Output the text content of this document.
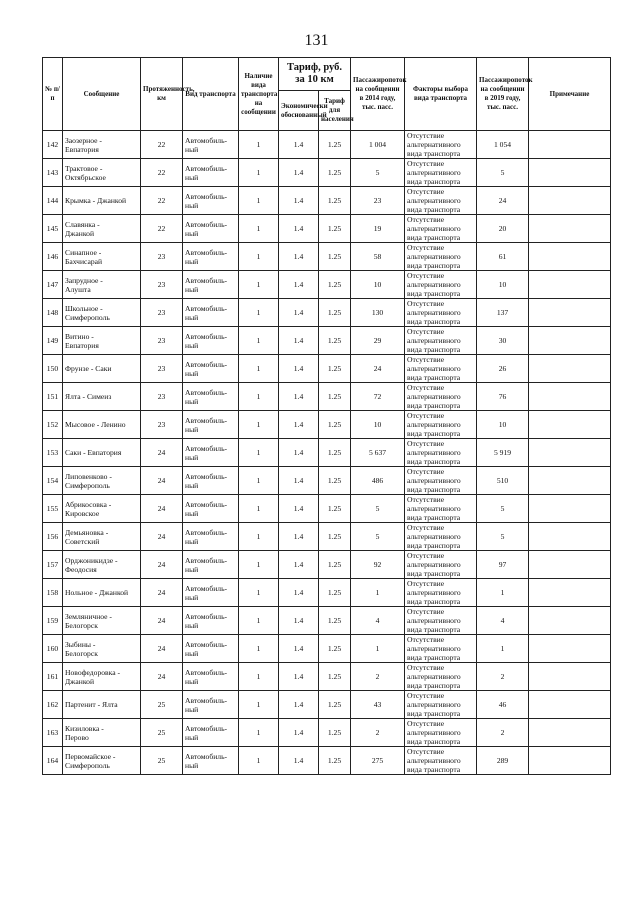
131
№ п/п	Сообщение	Протяженность, км	Вид транспорта	Наличие вида транспорта на сообщении	Тариф, руб. за 10 км		Пассажиропоток на сообщении в 2014 году, тыс. пасс.	Факторы выбора вида транспорта	Пассажиропоток на сообщении в 2019 году, тыс. пасс.	Примечание
					Экономически обоснованный	Тариф для населения				
142	Заозерное -
Евпатория	22	Автомобиль-ный	1	1.4	1.25	1 004	Отсутствие альтернативного вида транспорта	1 054	
143	Трактовое -
Октябрьское	22	Автомобиль-ный	1	1.4	1.25	5	Отсутствие альтернативного вида транспорта	5	
144	Крымка - Джанкой	22	Автомобиль-ный	1	1.4	1.25	23	Отсутствие альтернативного вида транспорта	24	
145	Славянка -
Джанкой	22	Автомобиль-ный	1	1.4	1.25	19	Отсутствие альтернативного вида транспорта	20	
146	Синапное -
Бахчисарай	23	Автомобиль-ный	1	1.4	1.25	58	Отсутствие альтернативного вида транспорта	61	
147	Запрудное -
Алушта	23	Автомобиль-ный	1	1.4	1.25	10	Отсутствие альтернативного вида транспорта	10	
148	Школьное -
Симферополь	23	Автомобиль-ный	1	1.4	1.25	130	Отсутствие альтернативного вида транспорта	137	
149	Витино -
Евпатория	23	Автомобиль-ный	1	1.4	1.25	29	Отсутствие альтернативного вида транспорта	30	
150	Фрунзе - Саки	23	Автомобиль-ный	1	1.4	1.25	24	Отсутствие альтернативного вида транспорта	26	
151	Ялта - Симеиз	23	Автомобиль-ный	1	1.4	1.25	72	Отсутствие альтернативного вида транспорта	76	
152	Мысовое - Ленино	23	Автомобиль-ный	1	1.4	1.25	10	Отсутствие альтернативного вида транспорта	10	
153	Саки - Евпатория	24	Автомобиль-ный	1	1.4	1.25	5 637	Отсутствие альтернативного вида транспорта	5 919	
154	Липовенково -
Симферополь	24	Автомобиль-ный	1	1.4	1.25	486	Отсутствие альтернативного вида транспорта	510	
155	Абрикосовка -
Кировское	24	Автомобиль-ный	1	1.4	1.25	5	Отсутствие альтернативного вида транспорта	5	
156	Демьяновка -
Советский	24	Автомобиль-ный	1	1.4	1.25	5	Отсутствие альтернативного вида транспорта	5	
157	Орджоникидзе -
Феодосия	24	Автомобиль-ный	1	1.4	1.25	92	Отсутствие альтернативного вида транспорта	97	
158	Нольное - Джанкой	24	Автомобиль-ный	1	1.4	1.25	1	Отсутствие альтернативного вида транспорта	1	
159	Земляничное -
Белогорск	24	Автомобиль-ный	1	1.4	1.25	4	Отсутствие альтернативного вида транспорта	4	
160	Зыбины -
Белогорск	24	Автомобиль-ный	1	1.4	1.25	1	Отсутствие альтернативного вида транспорта	1	
161	Новофедоровка -
Джанкой	24	Автомобиль-ный	1	1.4	1.25	2	Отсутствие альтернативного вида транспорта	2	
162	Партенит - Ялта	25	Автомобиль-ный	1	1.4	1.25	43	Отсутствие альтернативного вида транспорта	46	
163	Кизиловка -
Перово	25	Автомобиль-ный	1	1.4	1.25	2	Отсутствие альтернативного вида транспорта	2	
164	Первомайское -
Симферополь	25	Автомобиль-ный	1	1.4	1.25	275	Отсутствие альтернативного вида транспорта	289	
